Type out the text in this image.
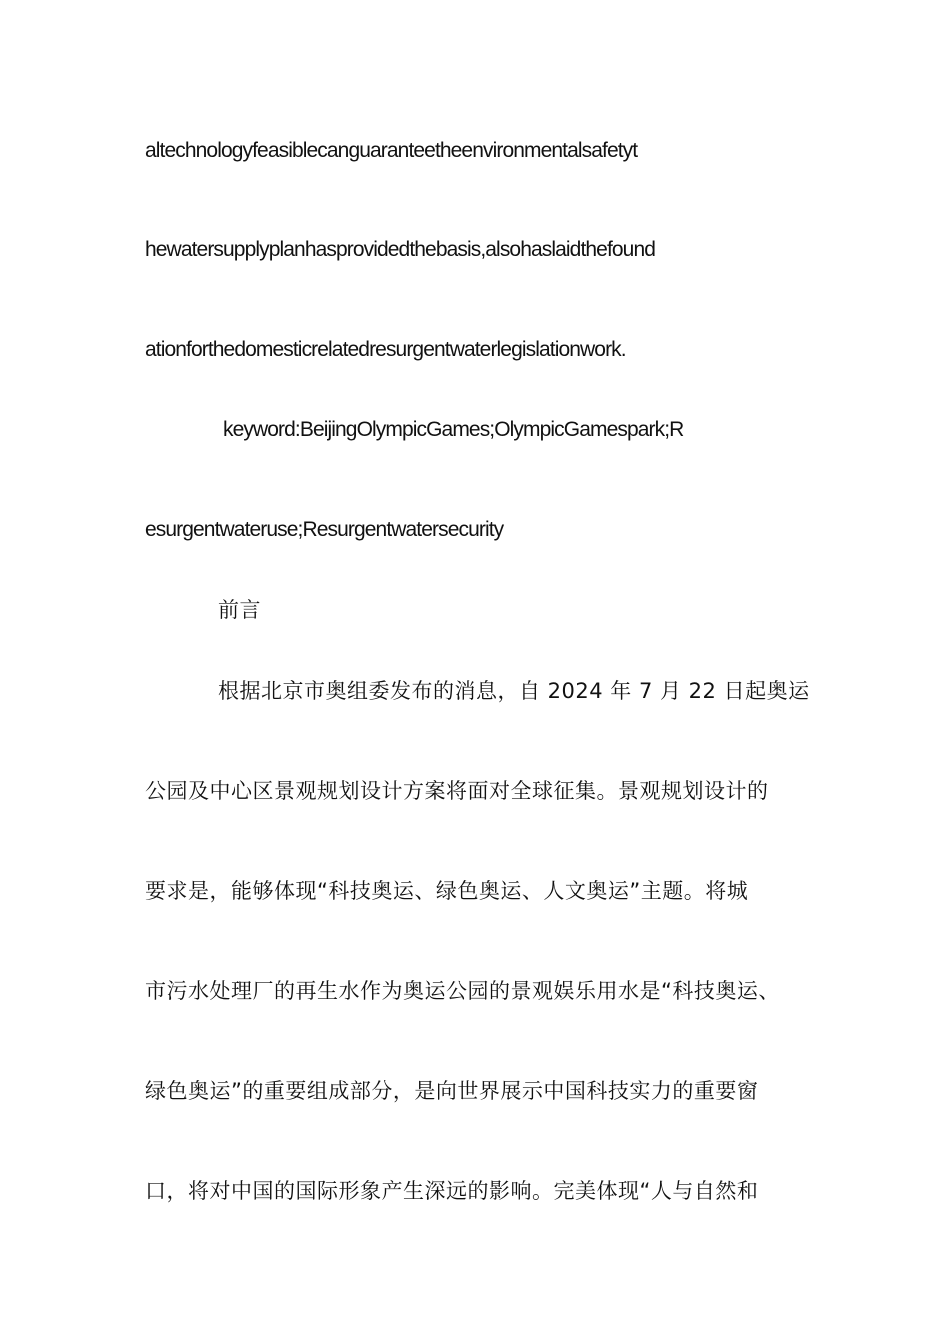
altechnologyfeasiblecanguaranteetheenvironmentalsafetyt
hewatersupplyplanhasprovidedthebasis,alsohaslaidthefound
ationforthedomesticrelatedresurgentwaterlegislationwork.
keyword:BeijingOlympicGames;OlympicGamespark;R
esurgentwateruse;Resurgentwatersecurity
前言
根据北京市奥组委发布的消息，自 2024 年 7 月 22 日起奥运
公园及中心区景观规划设计方案将面对全球征集。景观规划设计的
要求是，能够体现“科技奥运、绿色奥运、人文奥运”主题。将城
市污水处理厂的再生水作为奥运公园的景观娱乐用水是“科技奥运、
绿色奥运”的重要组成部分，是向世界展示中国科技实力的重要窗
口，将对中国的国际形象产生深远的影响。完美体现“人与自然和
